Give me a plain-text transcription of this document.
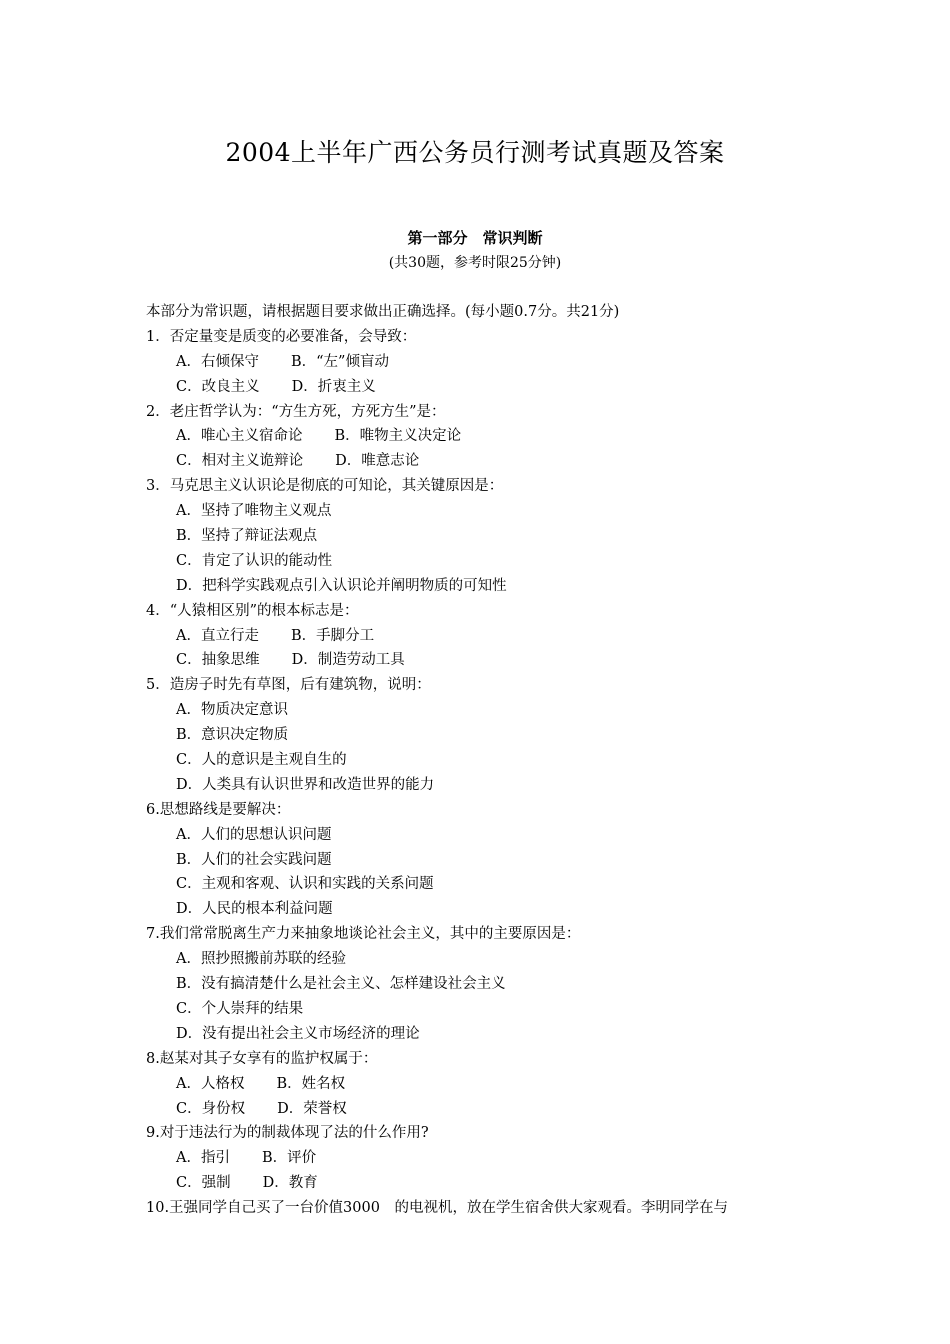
2004上半年广西公务员行测考试真题及答案
第一部分　常识判断
(共30题，参考时限25分钟)
本部分为常识题，请根据题目要求做出正确选择。(每小题0.7分。共21分)
1．否定量变是质变的必要准备，会导致：
A．右倾保守 B．“左”倾盲动
C．改良主义 D．折衷主义
2．老庄哲学认为：“方生方死，方死方生”是：
A．唯心主义宿命论 B．唯物主义决定论
C．相对主义诡辩论 D．唯意志论
3．马克思主义认识论是彻底的可知论，其关键原因是：
A．坚持了唯物主义观点
B．坚持了辩证法观点
C．肯定了认识的能动性
D．把科学实践观点引入认识论并阐明物质的可知性
4．“人猿相区别”的根本标志是：
A．直立行走 B．手脚分工
C．抽象思维 D．制造劳动工具
5．造房子时先有草图，后有建筑物，说明：
A．物质决定意识
B．意识决定物质
C．人的意识是主观自生的
D．人类具有认识世界和改造世界的能力
6.思想路线是要解决：
A．人们的思想认识问题
B．人们的社会实践问题
C．主观和客观、认识和实践的关系问题
D．人民的根本利益问题
7.我们常常脱离生产力来抽象地谈论社会主义，其中的主要原因是：
A．照抄照搬前苏联的经验
B．没有搞清楚什么是社会主义、怎样建设社会主义
C．个人崇拜的结果
D．没有提出社会主义市场经济的理论
8.赵某对其子女享有的监护权属于：
A．人格权 B．姓名权
C．身份权 D．荣誉权
9.对于违法行为的制裁体现了法的什么作用?
A．指引 B．评价
C．强制 D．教育
10.王强同学自己买了一台价值3000　的电视机，放在学生宿舍供大家观看。李明同学在与
